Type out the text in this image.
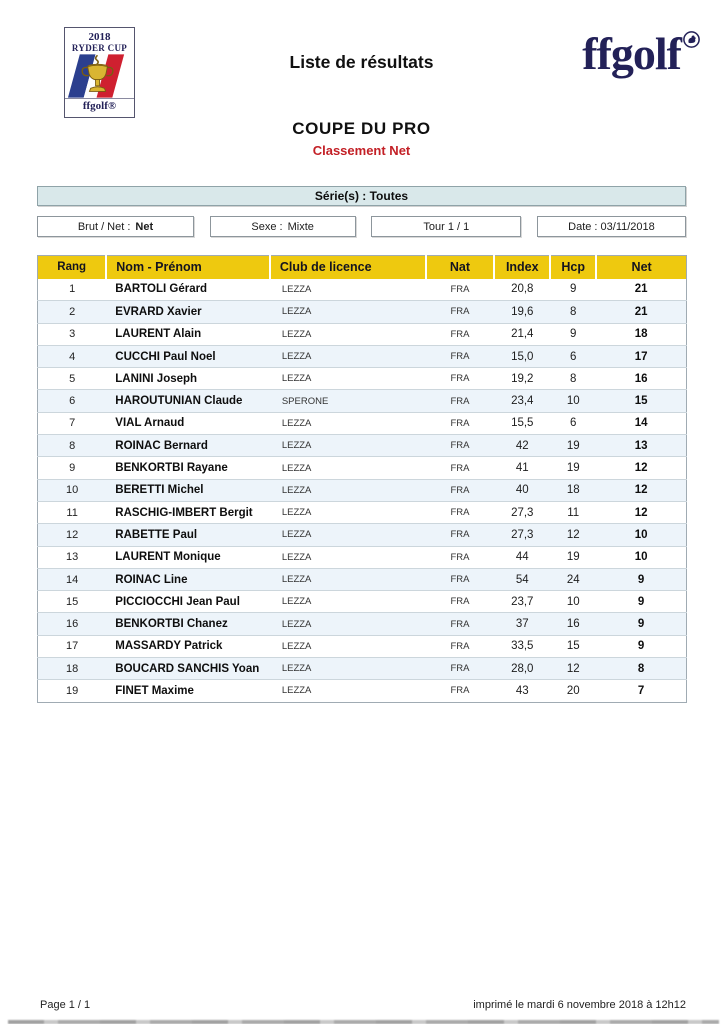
2018
RYDER CUP
ffgolf®
Liste de résultats	ffgolf
COUPE DU PRO
Classement Net
Série(s) : Toutes
Brut / Net : Net	Sexe : Mixte	Tour 1 / 1	Date : 03/11/2018
Rang	Nom - Prénom	Club de licence	Nat	Index	Hcp	Net
1	BARTOLI Gérard	LEZZA	FRA	20,8	9	21
2	EVRARD Xavier	LEZZA	FRA	19,6	8	21
3	LAURENT Alain	LEZZA	FRA	21,4	9	18
4	CUCCHI Paul Noel	LEZZA	FRA	15,0	6	17
5	LANINI Joseph	LEZZA	FRA	19,2	8	16
6	HAROUTUNIAN Claude	SPERONE	FRA	23,4	10	15
7	VIAL Arnaud	LEZZA	FRA	15,5	6	14
8	ROINAC Bernard	LEZZA	FRA	42	19	13
9	BENKORTBI Rayane	LEZZA	FRA	41	19	12
10	BERETTI Michel	LEZZA	FRA	40	18	12
11	RASCHIG-IMBERT Bergit	LEZZA	FRA	27,3	11	12
12	RABETTE Paul	LEZZA	FRA	27,3	12	10
13	LAURENT Monique	LEZZA	FRA	44	19	10
14	ROINAC Line	LEZZA	FRA	54	24	9
15	PICCIOCCHI Jean Paul	LEZZA	FRA	23,7	10	9
16	BENKORTBI Chanez	LEZZA	FRA	37	16	9
17	MASSARDY Patrick	LEZZA	FRA	33,5	15	9
18	BOUCARD SANCHIS Yoan	LEZZA	FRA	28,0	12	8
19	FINET Maxime	LEZZA	FRA	43	20	7
Page 1 / 1	imprimé le mardi 6 novembre 2018 à 12h12
